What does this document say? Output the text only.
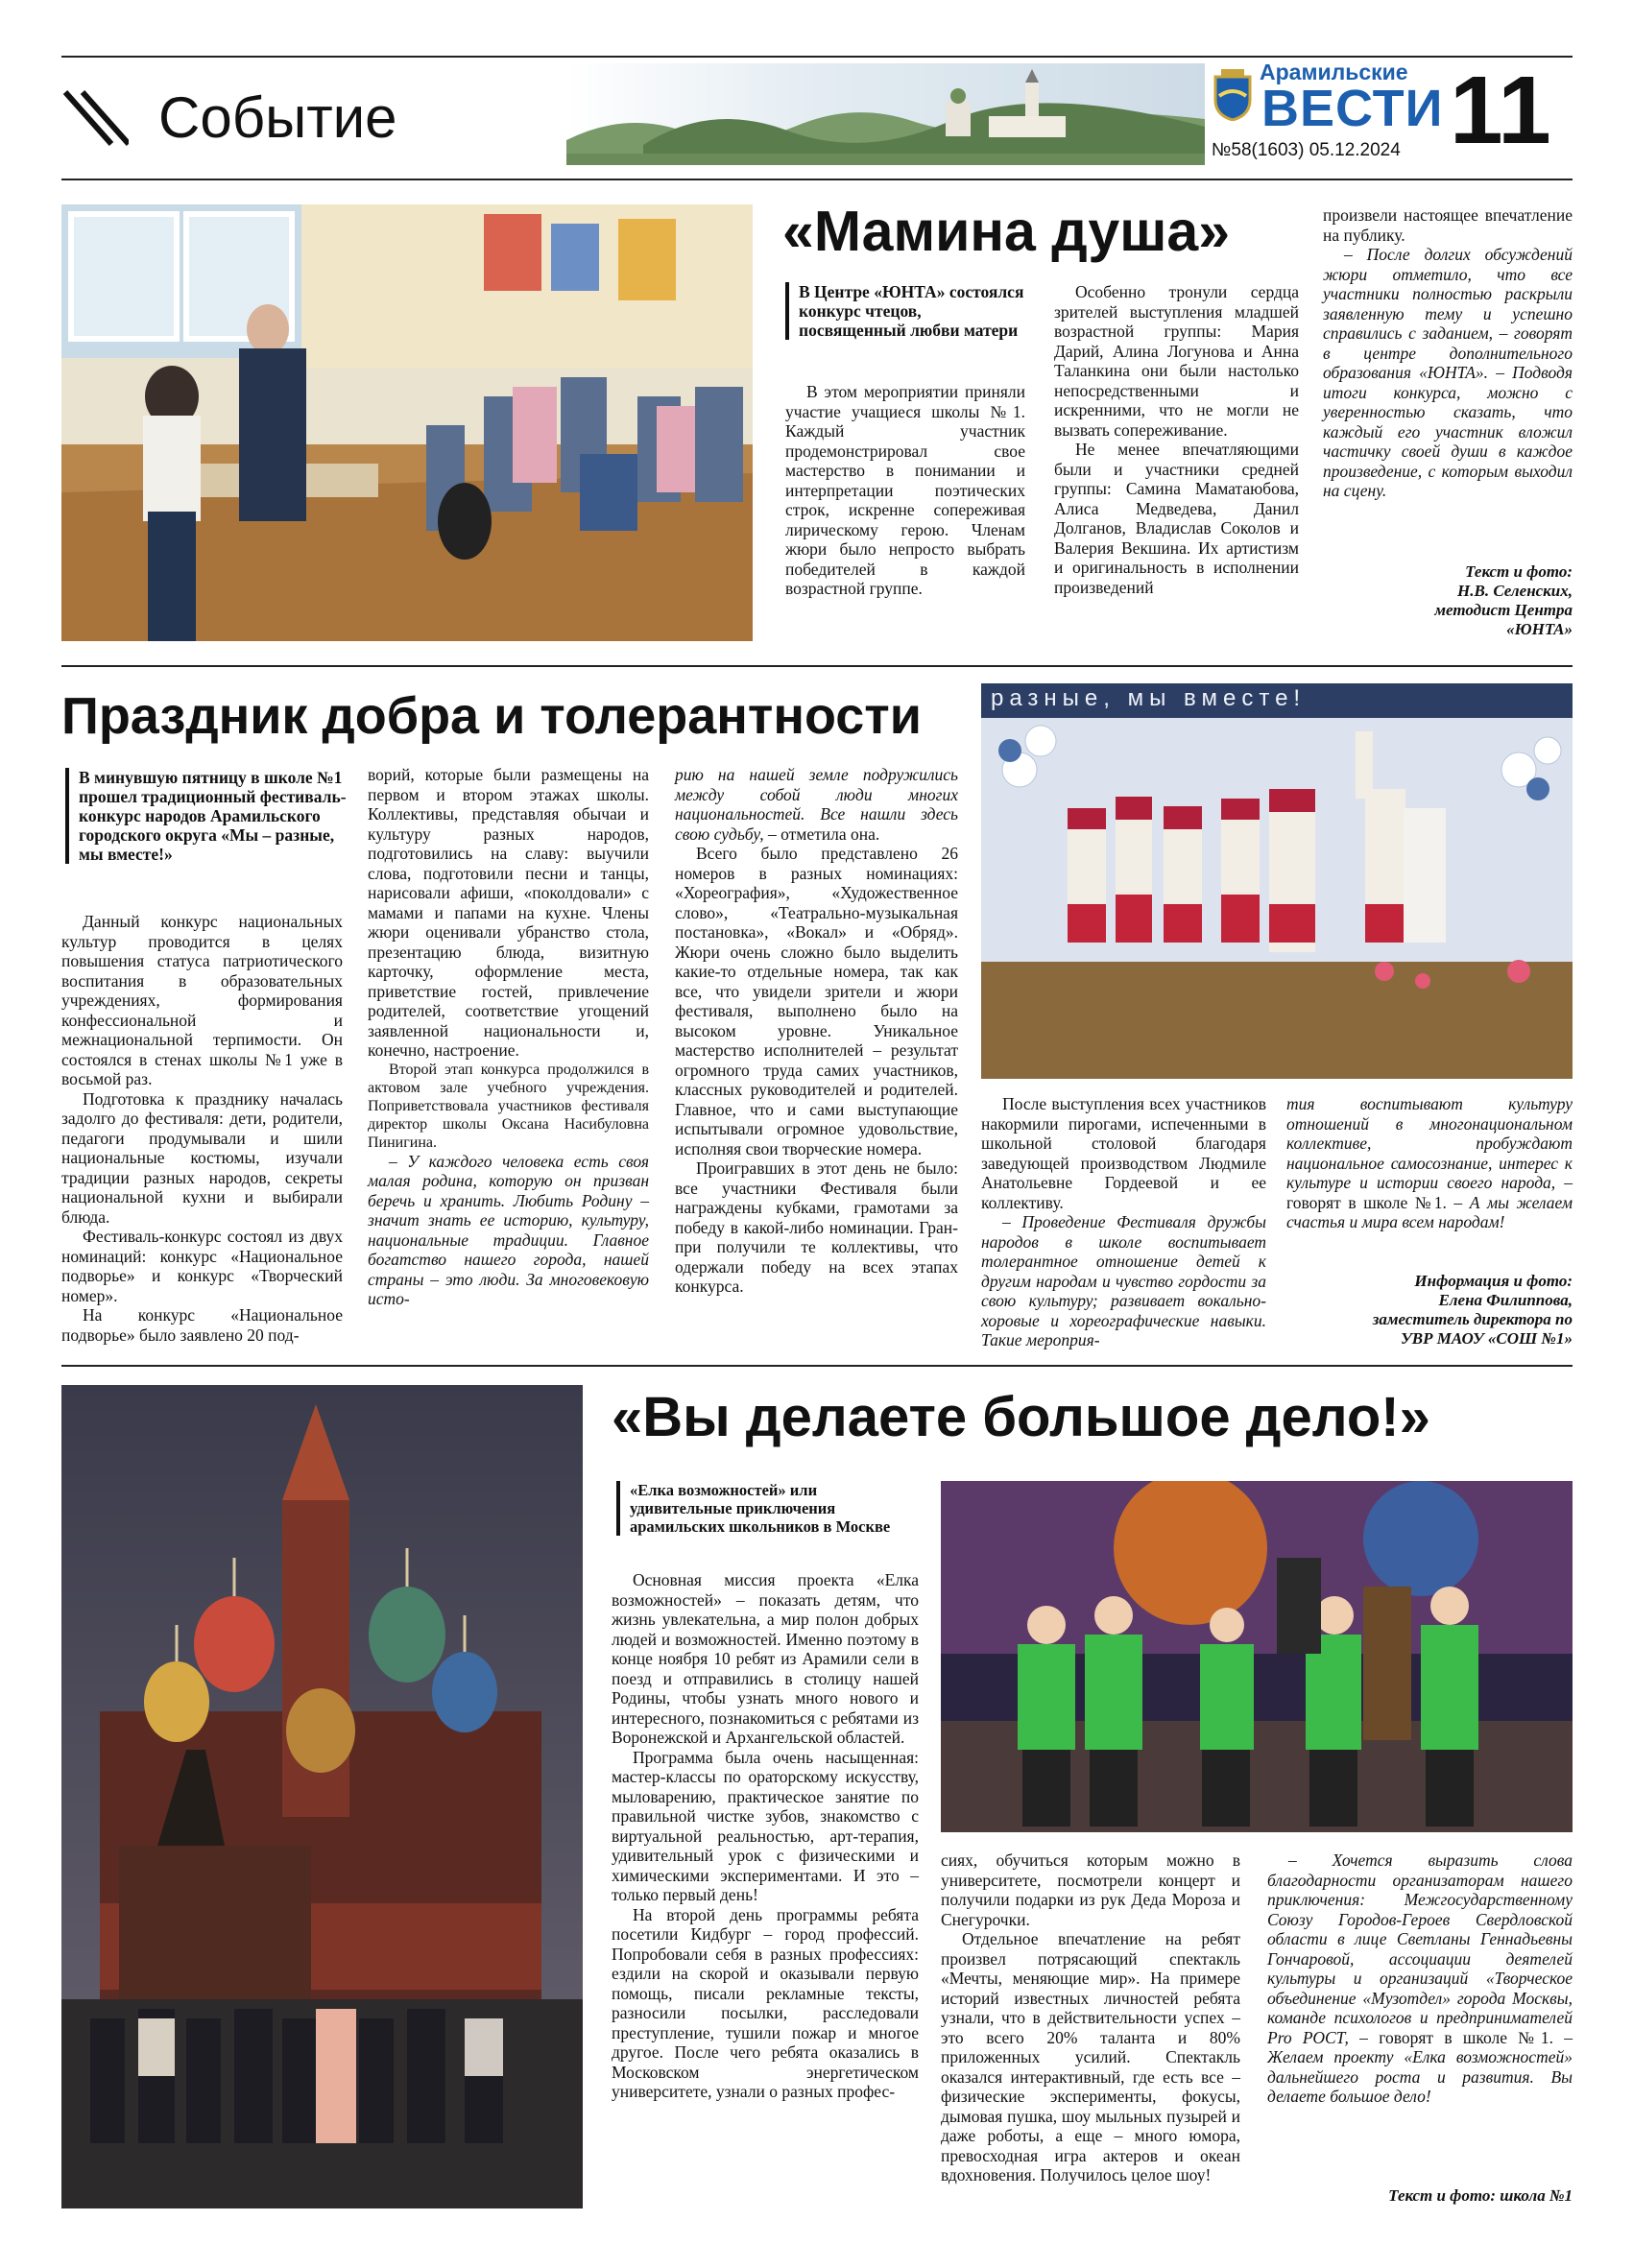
Событие
Арамильские
ВЕСТИ
№58(1603) 05.12.2024 11
«Мамина душа»
В Центре «ЮНТА» состоялся конкурс чтецов, посвященный любви матери

В этом мероприятии приняли участие учащиеся школы №1. Каждый участник продемонстрировал свое мастерство в понимании и интерпретации поэтических строк, искренне сопереживая лирическому герою. Членам жюри было непросто выбрать победителей в каждой возрастной группе.

Особенно тронули сердца зрителей выступления младшей возрастной группы: Мария Дарий, Алина Логунова и Анна Таланкина они были настолько непосредственными и искренними, что не могли не вызвать сопереживание.

Не менее впечатляющими были и участники средней группы: Самина Маматаюбова, Алиса Медведева, Данил Долганов, Владислав Соколов и Валерия Векшина. Их артистизм и оригинальность в исполнении произведений

произвели настоящее впечатление на публику.

– После долгих обсуждений жюри отметило, что все участники полностью раскрыли заявленную тему и успешно справились с заданием, – говорят в центре дополнительного образования «ЮНТА». – Подводя итоги конкурса, можно с уверенностью сказать, что каждый его участник вложил частичку своей души в каждое произведение, с которым выходил на сцену.

Текст и фото:
Н.В. Селенских,
методист Центра
«ЮНТА»
Праздник добра и толерантности	разные, мы вместе!
В минувшую пятницу в школе №1 прошел традиционный фестиваль-конкурс народов Арамильского городского округа «Мы – разные, мы вместе!»

Данный конкурс национальных культур проводится в целях повышения статуса патриотического воспитания в образовательных учреждениях, формирования конфессиональной и межнациональной терпимости. Он состоялся в стенах школы №1 уже в восьмой раз.

Подготовка к празднику началась задолго до фестиваля: дети, родители, педагоги продумывали и шили национальные костюмы, изучали традиции разных народов, секреты национальной кухни и выбирали блюда.

Фестиваль-конкурс состоял из двух номинаций: конкурс «Национальное подворье» и конкурс «Творческий номер».

На конкурс «Национальное подворье» было заявлено 20 под-

ворий, которые были размещены на первом и втором этажах школы. Коллективы, представляя обычаи и культуру разных народов, подготовились на славу: выучили слова, подготовили песни и танцы, нарисовали афиши, «поколдовали» с мамами и папами на кухне. Члены жюри оценивали убранство стола, презентацию блюда, визитную карточку, оформление места, приветствие гостей, привлечение родителей, соответствие угощений заявленной национальности и, конечно, настроение.

Второй этап конкурса продолжился в актовом зале учебного учреждения. Поприветствовала участников фестиваля директор школы Оксана Насибуловна Пинигина.

– У каждого человека есть своя малая родина, которую он призван беречь и хранить. Любить Родину – значит знать ее историю, культуру, национальные традиции. Главное богатство нашего города, нашей страны – это люди. За многовековую исто-

рию на нашей земле подружились между собой люди многих национальностей. Все нашли здесь свою судьбу, – отметила она.

Всего было представлено 26 номеров в разных номинациях: «Хореография», «Художественное слово», «Театрально-музыкальная постановка», «Вокал» и «Обряд». Жюри очень сложно было выделить какие-то отдельные номера, так как все, что увидели зрители и жюри фестиваля, выполнено было на высоком уровне. Уникальное мастерство исполнителей – результат огромного труда самих участников, классных руководителей и родителей. Главное, что и сами выступающие испытывали огромное удовольствие, исполняя свои творческие номера.

Проигравших в этот день не было: все участники Фестиваля были награждены кубками, грамотами за победу в какой-либо номинации. Гран-при получили те коллективы, что одержали победу на всех этапах конкурса.

После выступления всех участников накормили пирогами, испеченными в школьной столовой благодаря заведующей производством Людмиле Анатольевне Гордеевой и ее коллективу.

– Проведение Фестиваля дружбы народов в школе воспитывает толерантное отношение детей к другим народам и чувство гордости за свою культуру; развивает вокально-хоровые и хореографические навыки. Такие мероприя-

тия воспитывают культуру отношений в многонациональном коллективе, пробуждают национальное самосознание, интерес к культуре и истории своего народа, – говорят в школе №1. – А мы желаем счастья и мира всем народам!

Информация и фото:
Елена Филиппова,
заместитель директора по
УВР МАОУ «СОШ №1»
«Вы делаете большое дело!»
«Елка возможностей» или удивительные приключения арамильских школьников в Москве

Основная миссия проекта «Елка возможностей» – показать детям, что жизнь увлекательна, а мир полон добрых людей и возможностей. Именно поэтому в конце ноября 10 ребят из Арамили сели в поезд и отправились в столицу нашей Родины, чтобы узнать много нового и интересного, познакомиться с ребятами из Воронежской и Архангельской областей.

Программа была очень насыщенная: мастер-классы по ораторскому искусству, мыловарению, практическое занятие по правильной чистке зубов, знакомство с виртуальной реальностью, арт-терапия, удивительный урок с физическими и химическими экспериментами. И это – только первый день!

На второй день программы ребята посетили Кидбург – город профессий. Попробовали себя в разных профессиях: ездили на скорой и оказывали первую помощь, писали рекламные тексты, разносили посылки, расследовали преступление, тушили пожар и многое другое. После чего ребята оказались в Московском энергетическом университете, узнали о разных профес-

сиях, обучиться которым можно в университете, посмотрели концерт и получили подарки из рук Деда Мороза и Снегурочки.

Отдельное впечатление на ребят произвел потрясающий спектакль «Мечты, меняющие мир». На примере историй известных личностей ребята узнали, что в действительности успех – это всего 20% таланта и 80% приложенных усилий. Спектакль оказался интерактивный, где есть все – физические эксперименты, фокусы, дымовая пушка, шоу мыльных пузырей и даже роботы, а еще – много юмора, превосходная игра актеров и океан вдохновения. Получилось целое шоу!

– Хочется выразить слова благодарности организаторам нашего приключения: Межгосударственному Союзу Городов-Героев Свердловской области в лице Светланы Геннадьевны Гончаровой, ассоциации деятелей культуры и организаций «Творческое объединение «Музотдел» города Москвы, команде психологов и предпринимателей Pro РОСТ, – говорят в школе №1. – Желаем проекту «Елка возможностей» дальнейшего роста и развития. Вы делаете большое дело!

Текст и фото: школа №1
